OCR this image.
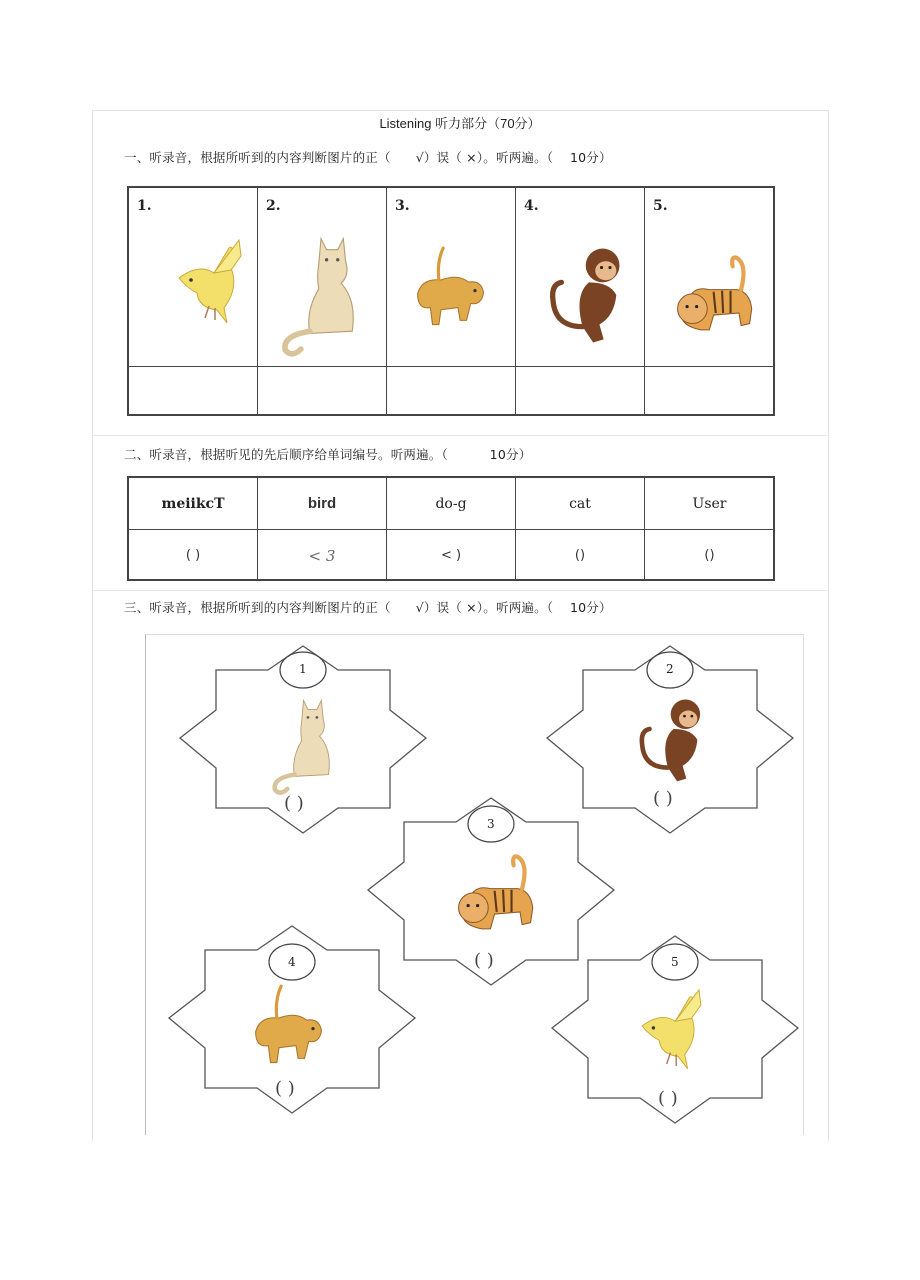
Listening 听力部分（70分）
一、听录音，根据所听到的内容判断图片的正（      √）误（ ×）。听两遍。（    10分）
1.	2.	3.	4.	5.
二、听录音，根据听见的先后顺序给单词编号。听两遍。（          10分）
meiikcT	bird	do-g	cat	User
( )	< 3	< )	()	()
三、听录音，根据所听到的内容判断图片的正（      √）误（ ×）。听两遍。（    10分）
1
( )
2
( )
3
( )
4
( )
5
( )
